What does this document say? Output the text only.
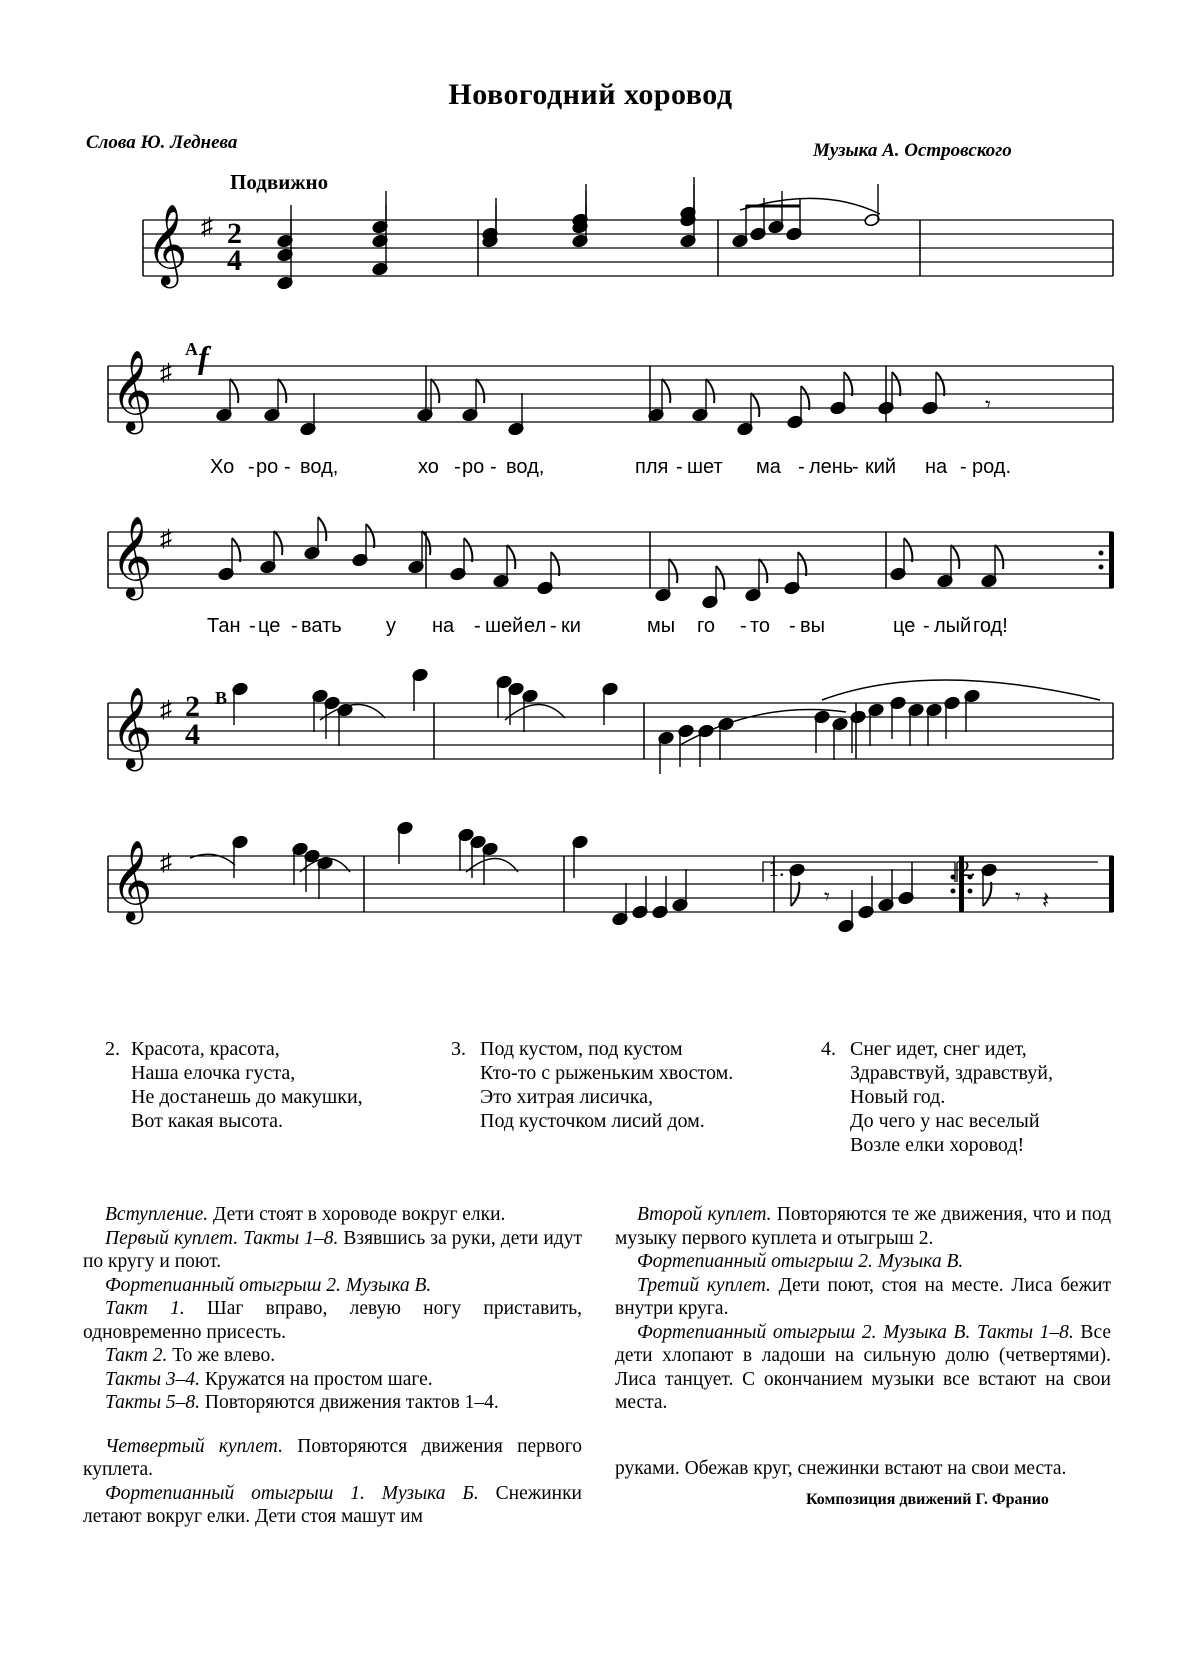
Новогодний хоровод
Слова Ю. Леднева	Музыка А. Островского
Подвижно
𝄞 ♯
𝄞 ♯
𝄞 ♯
𝄞 ♯
𝄞 ♯
𝄾
𝄾	𝄾 𝄽
2
4
2
4
А f
В
1.	2.
Хо - ро - вод,	хо - ро - вод,	пля - шет ма - лень
- кий на - род.
Тан - це - вать у на - шей ел - ки	мы го - то - вы	це - лый год!
2. Красота, красота,
Наша елочка густа,
Не достанешь до макушки,
Вот какая высота.
3. Под кустом, под кустом
Кто-то с рыженьким хвостом.
Это хитрая лисичка,
Под кусточком лисий дом.
4. Снег идет, снег идет,
Здравствуй, здравствуй,
Новый год.
До чего у нас веселый
Возле елки хоровод!

Вступление. Дети стоят в хороводе вокруг елки.

Первый куплет. Такты 1–8. Взявшись за руки, дети идут по кругу и поют.

Фортепианный отыгрыш 2. Музыка В.

Такт 1. Шаг вправо, левую ногу приставить, одновременно присесть.

Такт 2. То же влево.

Такты 3–4. Кружатся на простом шаге.

Такты 5–8. Повторяются движения тактов 1–4.

Четвертый куплет. Повторяются движения первого куплета.

Фортепианный отыгрыш 1. Музыка Б. Снежинки летают вокруг елки. Дети стоя машут им

Второй куплет. Повторяются те же движения, что и под музыку первого куплета и отыгрыш 2.

Фортепианный отыгрыш 2. Музыка В.

Третий куплет. Дети поют, стоя на месте. Лиса бежит внутри круга.

Фортепианный отыгрыш 2. Музыка В. Такты 1–8. Все дети хлопают в ладоши на сильную долю (четвертями). Лиса танцует. С окончанием музыки все встают на свои места.

руками. Обежав круг, снежинки встают на свои места.

Композиция движений Г. Франио
